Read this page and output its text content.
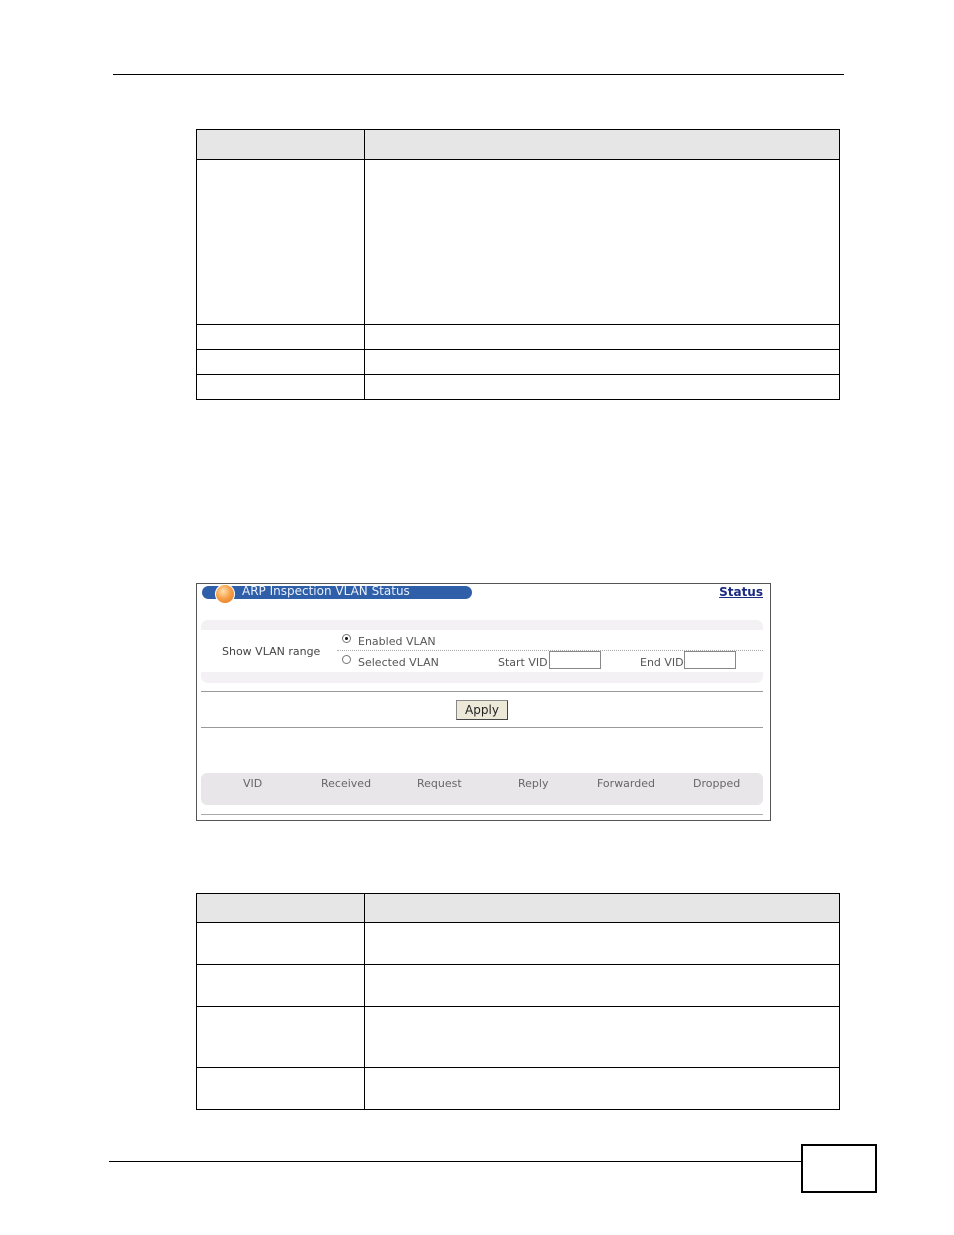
ARP Inspection VLAN Status	Status
Show VLAN range
Enabled VLAN
Selected VLAN	Start VID	End VID
Apply
VID	Received	Request	Reply	Forwarded	Dropped
